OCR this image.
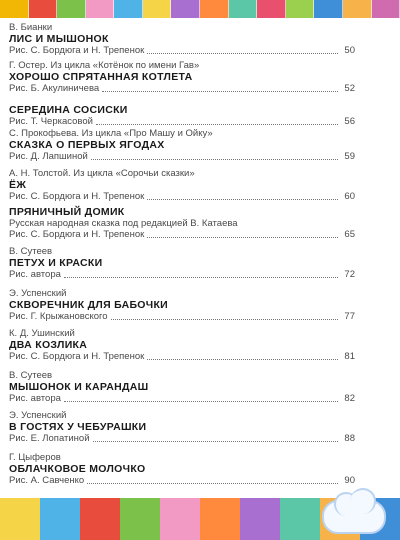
В. Бианки
ЛИС И МЫШОНОК
Рис. С. Бордюга и Н. Трепенок	50
Г. Остер. Из цикла «Котёнок по имени Гав»
ХОРОШО СПРЯТАННАЯ КОТЛЕТА
Рис. Б. Акулиничева	52
СЕРЕДИНА СОСИСКИ
Рис. Т. Черкасовой	56
С. Прокофьева. Из цикла «Про Машу и Ойку»
СКАЗКА О ПЕРВЫХ ЯГОДАХ
Рис. Д. Лапшиной	59
А. Н. Толстой. Из цикла «Сорочьи сказки»
ЁЖ
Рис. С. Бордюга и Н. Трепенок	60
ПРЯНИЧНЫЙ ДОМИК
Русская народная сказка под редакцией В. Катаева
Рис. С. Бордюга и Н. Трепенок	65
В. Сутеев
ПЕТУХ И КРАСКИ
Рис. автора	72
Э. Успенский
СКВОРЕЧНИК ДЛЯ БАБОЧКИ
Рис. Г. Крыжановского	77
К. Д. Ушинский
ДВА КОЗЛИКА
Рис. С. Бордюга и Н. Трепенок	81
В. Сутеев
МЫШОНОК И КАРАНДАШ
Рис. автора	82
Э. Успенский
В ГОСТЯХ У ЧЕБУРАШКИ
Рис. Е. Лопатиной	88
Г. Цыферов
ОБЛАЧКОВОЕ МОЛОЧКО
Рис. А. Савченко	90
